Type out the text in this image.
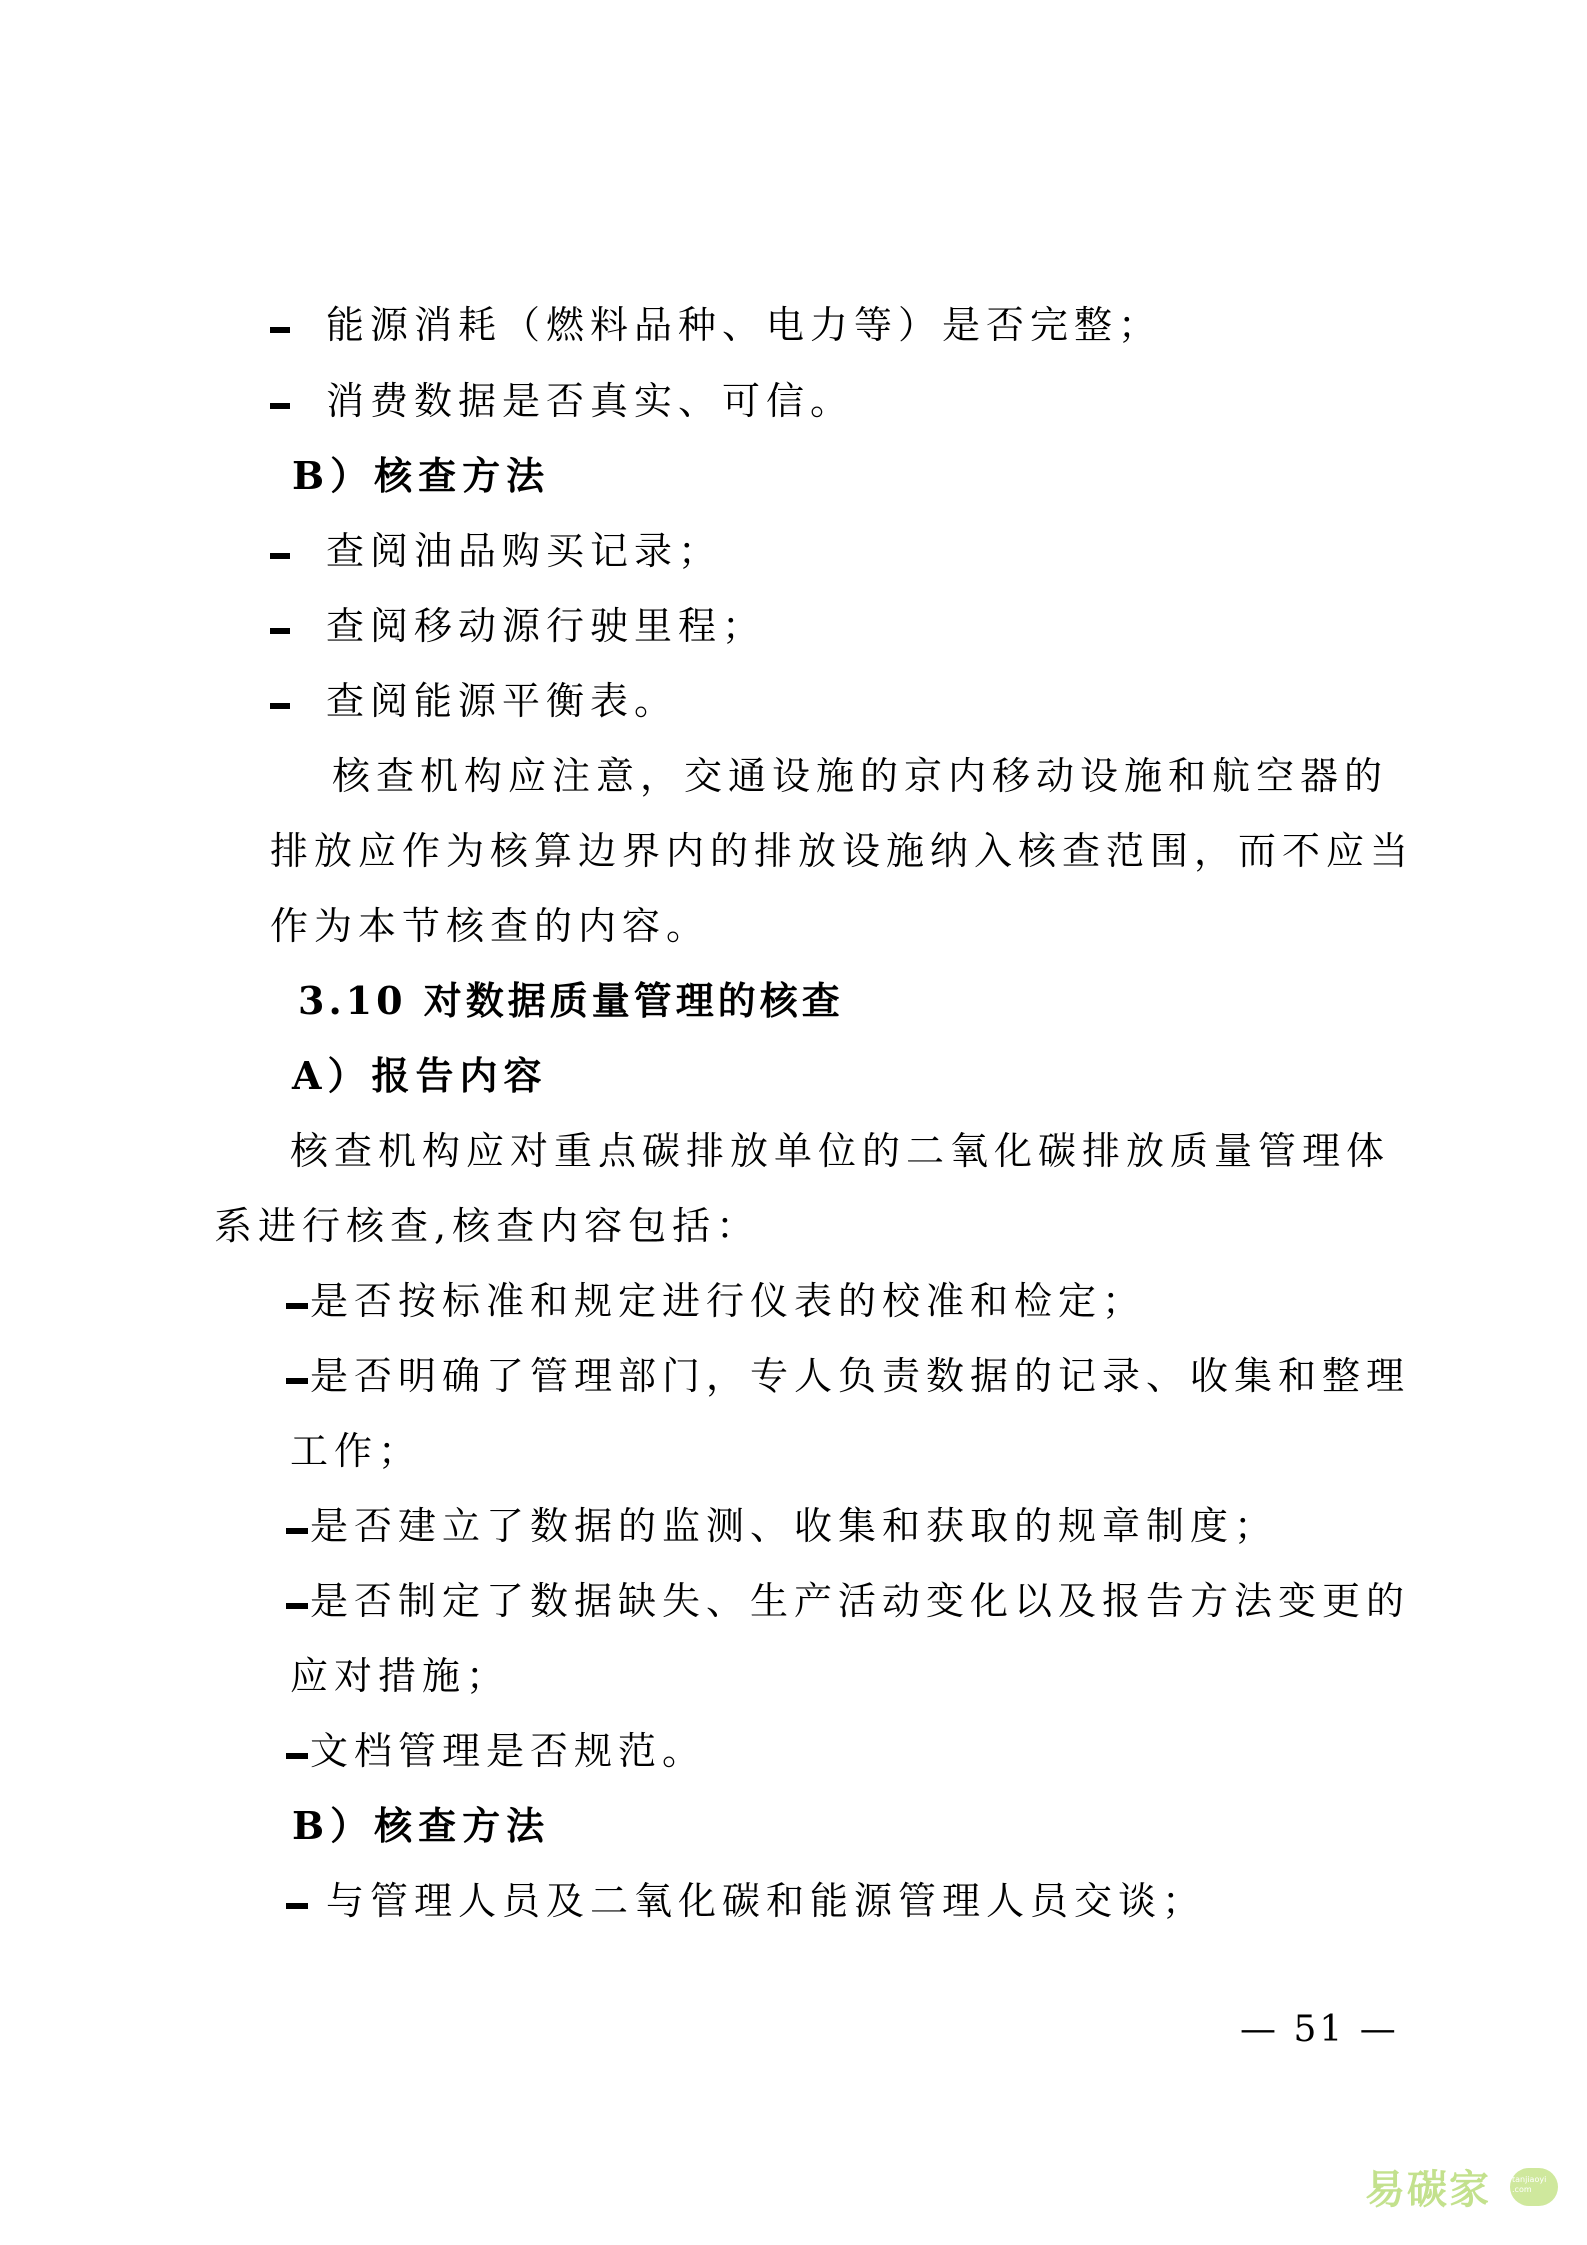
能源消耗（燃料品种、电力等）是否完整；
消费数据是否真实、可信。
B）核查方法
查阅油品购买记录；
查阅移动源行驶里程；
查阅能源平衡表。
核查机构应注意，交通设施的京内移动设施和航空器的
排放应作为核算边界内的排放设施纳入核查范围，而不应当
作为本节核查的内容。
3.10 对数据质量管理的核查
A）报告内容
核查机构应对重点碳排放单位的二氧化碳排放质量管理体
系进行核查,核查内容包括：
是否按标准和规定进行仪表的校准和检定；
是否明确了管理部门，专人负责数据的记录、收集和整理
工作；
是否建立了数据的监测、收集和获取的规章制度；
是否制定了数据缺失、生产活动变化以及报告方法变更的
应对措施；
文档管理是否规范。
B）核查方法
与管理人员及二氧化碳和能源管理人员交谈；
— 51 —
易碳家	tanjiaoyi .com
